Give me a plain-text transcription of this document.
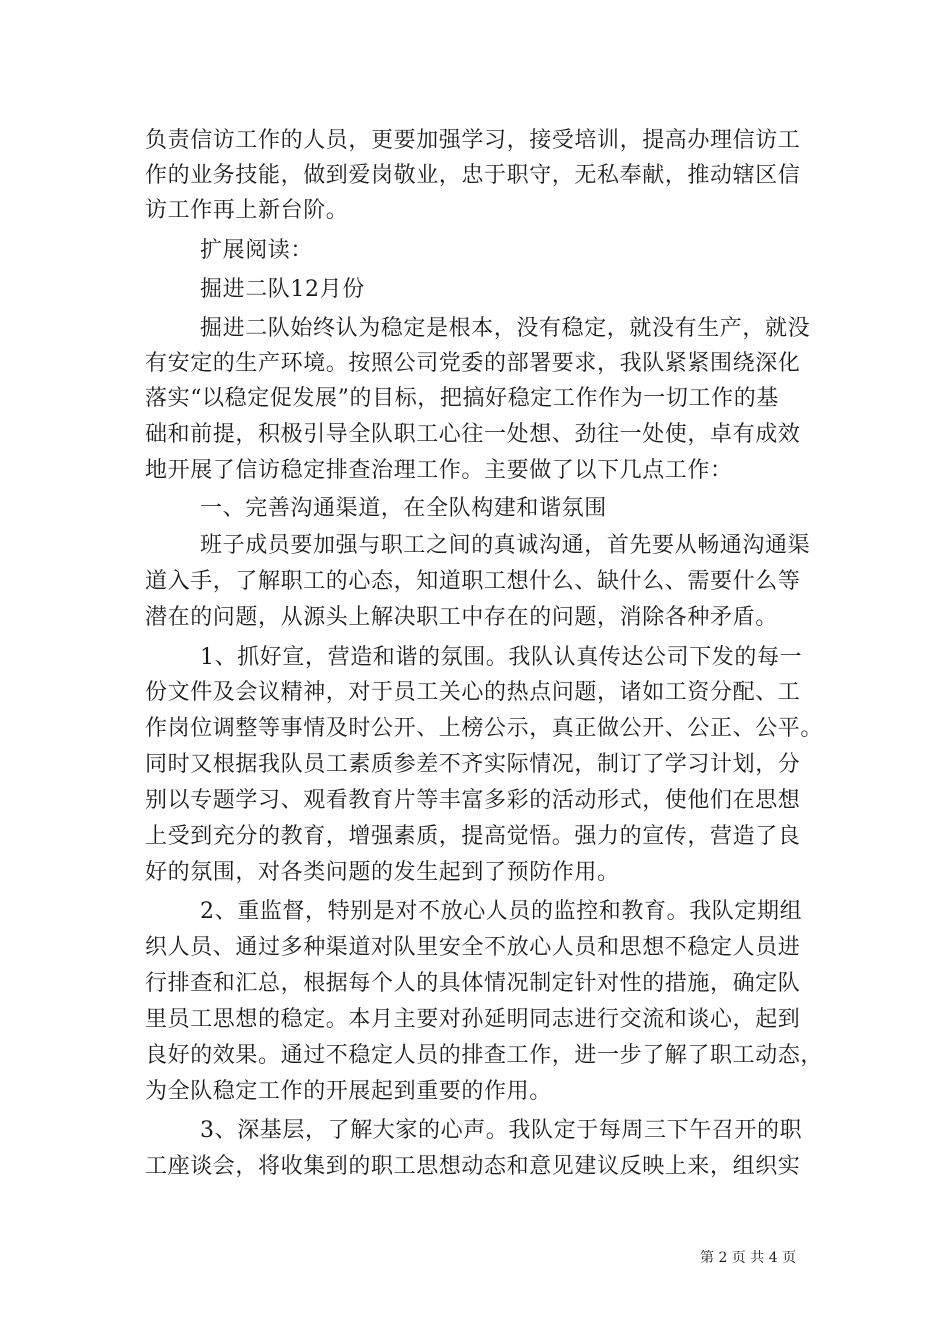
负责信访工作的人员，更要加强学习，接受培训，提高办理信访工
作的业务技能，做到爱岗敬业，忠于职守，无私奉献，推动辖区信
访工作再上新台阶。
扩展阅读：
掘进二队12月份
掘进二队始终认为稳定是根本，没有稳定，就没有生产，就没
有安定的生产环境。按照公司党委的部署要求，我队紧紧围绕深化
落实“以稳定促发展”的目标，把搞好稳定工作作为一切工作的基
础和前提，积极引导全队职工心往一处想、劲往一处使，卓有成效
地开展了信访稳定排查治理工作。主要做了以下几点工作：
一、完善沟通渠道，在全队构建和谐氛围
班子成员要加强与职工之间的真诚沟通，首先要从畅通沟通渠
道入手，了解职工的心态，知道职工想什么、缺什么、需要什么等
潜在的问题，从源头上解决职工中存在的问题，消除各种矛盾。
1、抓好宣，营造和谐的氛围。我队认真传达公司下发的每一
份文件及会议精神，对于员工关心的热点问题，诸如工资分配、工
作岗位调整等事情及时公开、上榜公示，真正做公开、公正、公平。
同时又根据我队员工素质参差不齐实际情况，制订了学习计划，分
别以专题学习、观看教育片等丰富多彩的活动形式，使他们在思想
上受到充分的教育，增强素质，提高觉悟。强力的宣传，营造了良
好的氛围，对各类问题的发生起到了预防作用。
2、重监督，特别是对不放心人员的监控和教育。我队定期组
织人员、通过多种渠道对队里安全不放心人员和思想不稳定人员进
行排查和汇总，根据每个人的具体情况制定针对性的措施，确定队
里员工思想的稳定。本月主要对孙延明同志进行交流和谈心，起到
良好的效果。通过不稳定人员的排查工作，进一步了解了职工动态，
为全队稳定工作的开展起到重要的作用。
3、深基层，了解大家的心声。我队定于每周三下午召开的职
工座谈会，将收集到的职工思想动态和意见建议反映上来，组织实
第 2 页 共 4 页
